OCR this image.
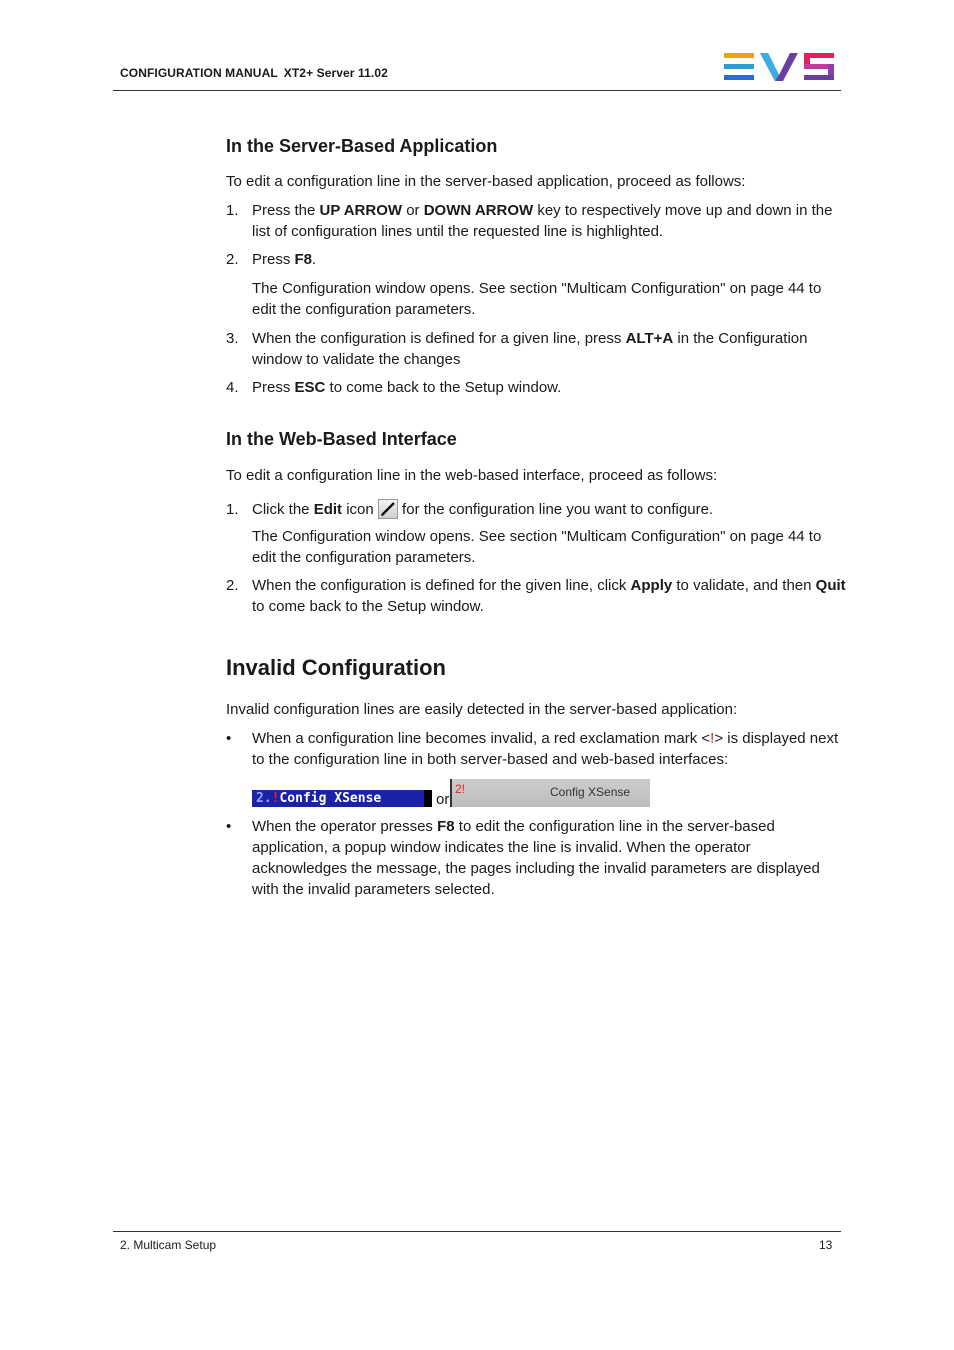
CONFIGURATION MANUAL XT2+ Server 11.02
In the Server-Based Application

To edit a configuration line in the server-based application, proceed as follows:

1. Press the UP ARROW or DOWN ARROW key to respectively move up and down in the list of configuration lines until the requested line is highlighted.

2. Press F8.

The Configuration window opens. See section "Multicam Configuration" on page 44 to edit the configuration parameters.

3. When the configuration is defined for a given line, press ALT+A in the Configuration window to validate the changes

4. Press ESC to come back to the Setup window.

In the Web-Based Interface

To edit a configuration line in the web-based interface, proceed as follows:

1. Click the Edit icon  for the configuration line you want to configure.

The Configuration window opens. See section "Multicam Configuration" on page 44 to edit the configuration parameters.

2. When the configuration is defined for the given line, click Apply to validate, and then Quit to come back to the Setup window.

Invalid Configuration

Invalid configuration lines are easily detected in the server-based application:

• When a configuration line becomes invalid, a red exclamation mark <!> is displayed next to the configuration line in both server-based and web-based interfaces:

2.!Config XSense	or
2!	Config XSense
• When the operator presses F8 to edit the configuration line in the server-based application, a popup window indicates the line is invalid. When the operator acknowledges the message, the pages including the invalid parameters are displayed with the invalid parameters selected.

2. Multicam Setup	13
